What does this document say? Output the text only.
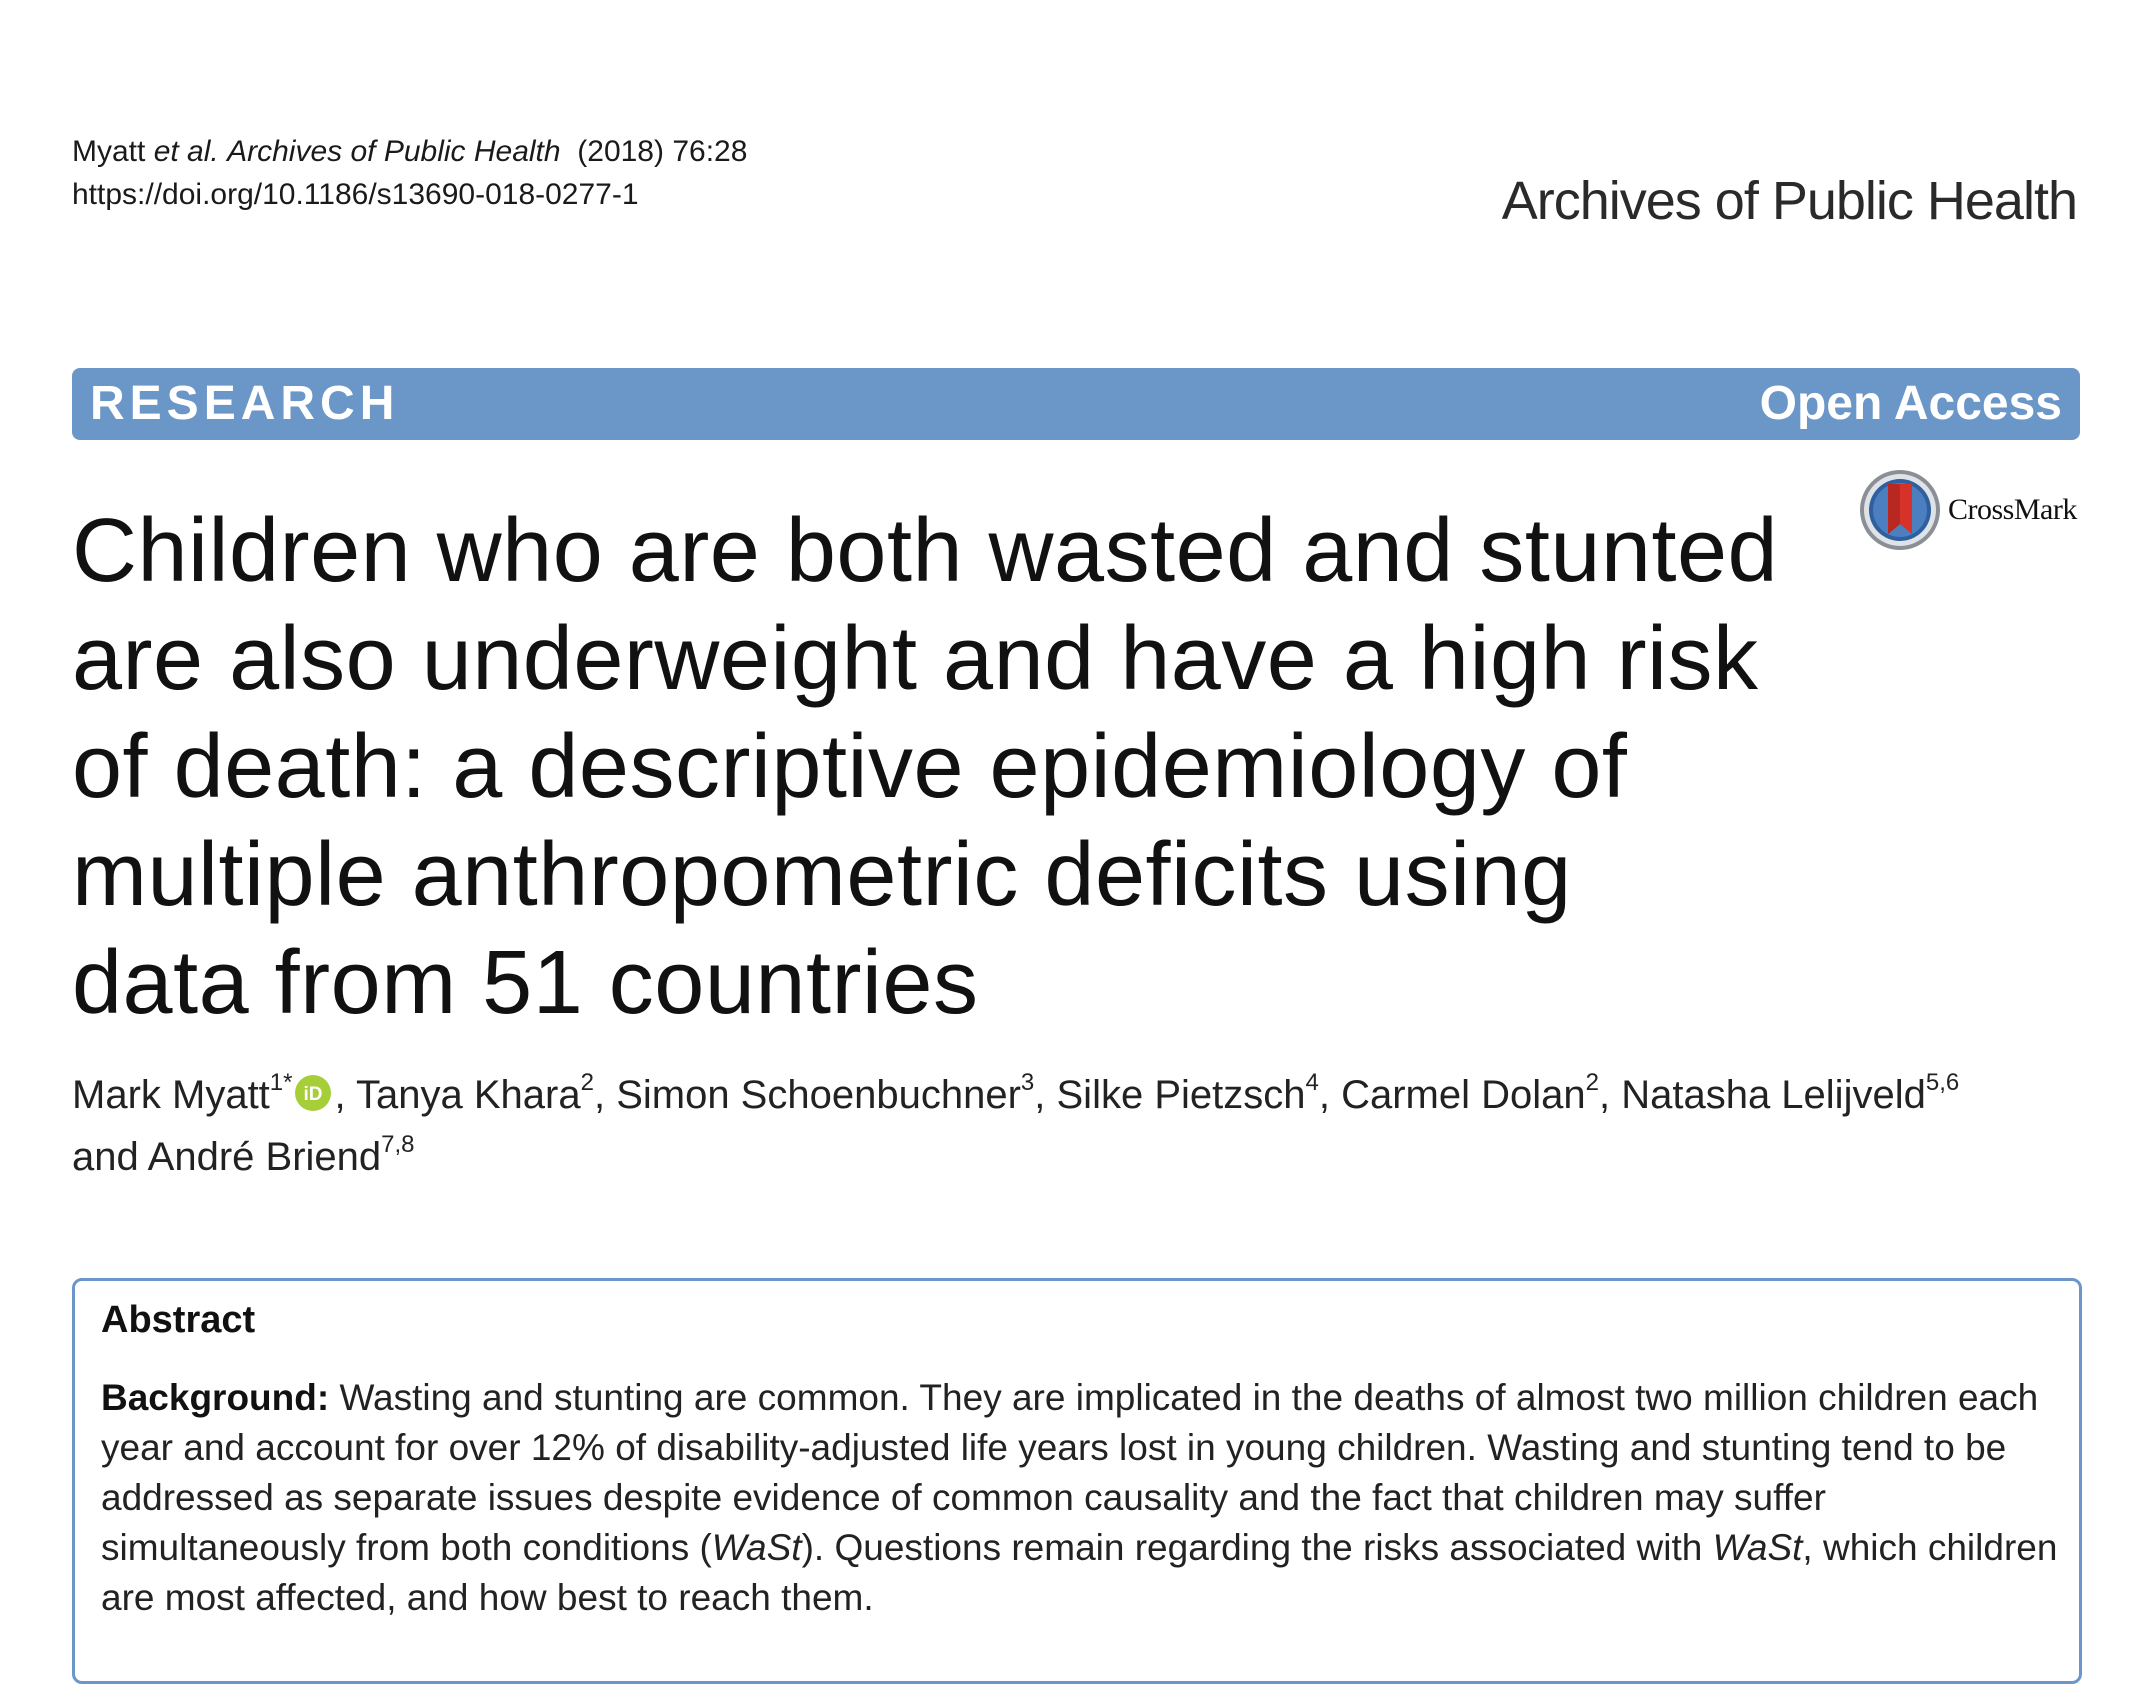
Myatt et al. Archives of Public Health (2018) 76:28
https://doi.org/10.1186/s13690-018-0277-1	Archives of Public Health
RESEARCH	Open Access
CrossMark
Children who are both wasted and stunted
are also underweight and have a high risk
of death: a descriptive epidemiology of
multiple anthropometric deficits using
data from 51 countries
Mark Myatt$^{1*}$ iD , Tanya Khara$^2$, Simon Schoenbuchner$^3$, Silke Pietzsch$^4$, Carmel Dolan$^2$, Natasha Lelijveld$^{5,6}$
and André Briend$^{7,8}$
Abstract
Background: Wasting and stunting are common. They are implicated in the deaths of almost two million children each year and account for over 12% of disability-adjusted life years lost in young children. Wasting and stunting tend to be addressed as separate issues despite evidence of common causality and the fact that children may suffer simultaneously from both conditions (WaSt). Questions remain regarding the risks associated with WaSt, which children are most affected, and how best to reach them.
